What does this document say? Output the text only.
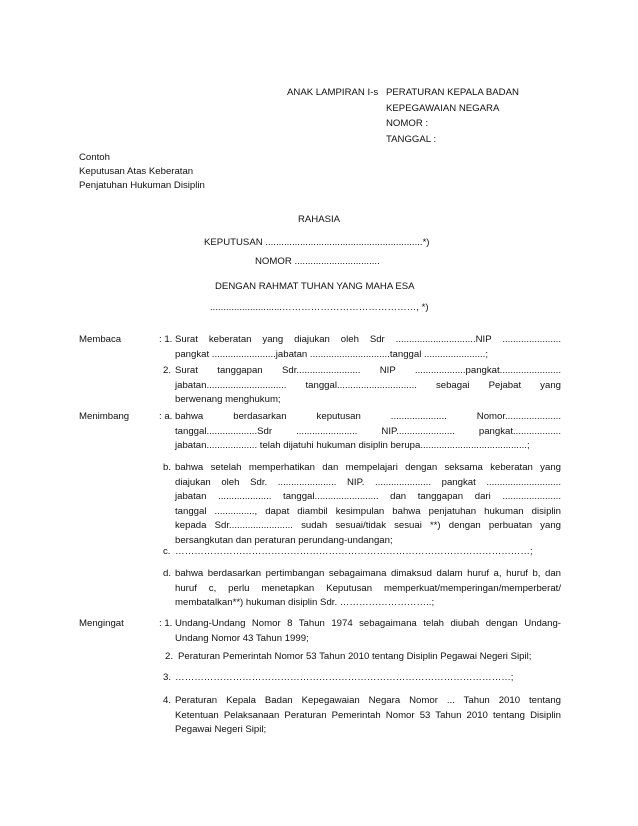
ANAK LAMPIRAN I-s PERATURAN KEPALA BADAN
KEPEGAWAIAN NEGARA
NOMOR :
TANGGAL :
Contoh
Keputusan Atas Keberatan
Penjatuhan Hukuman Disiplin
RAHASIA
KEPUTUSAN ...........................................................*)
NOMOR ................................
DENGAN RAHMAT TUHAN YANG MAHA ESA
...........................……………………………………, *)
Membaca	: 1. Surat keberatan yang diajukan oleh Sdr ..............................NIP ......................

pangkat ........................jabatan ..............................tanggal .......................;

2. Surat tanggapan Sdr........................ NIP ...................pangkat.......................

jabatan.............................. tanggal.............................. sebagai Pejabat yang

berwenang menghukum;

Menimbang	: a. bahwa berdasarkan keputusan ..................... Nomor.....................

tanggal...................Sdr ....................... NIP...................... pangkat..................

jabatan................... telah dijatuhi hukuman disiplin berupa........................................;

b. bahwa setelah memperhatikan dan mempelajari dengan seksama keberatan yang

diajukan oleh Sdr. ...................... NIP. ..................... pangkat ............................

jabatan .................... tanggal........................ dan tanggapan dari ......................

tanggal ..............., dapat diambil kesimpulan bahwa penjatuhan hukuman disiplin

kepada Sdr........................ sudah sesuai/tidak sesuai **) dengan perbuatan yang

bersangkutan dan peraturan perundang-undangan;

c. …………………………………………………………………………………………………;

d. bahwa berdasarkan pertimbangan sebagaimana dimaksud dalam huruf a, huruf b, dan

huruf c, perlu menetapkan Keputusan memperkuat/memperingan/memperberat/

membatalkan**) hukuman disiplin Sdr. ………………………..;

Mengingat	: 1. Undang-Undang Nomor 8 Tahun 1974 sebagaimana telah diubah dengan Undang-

Undang Nomor 43 Tahun 1999;

2. Peraturan Pemerintah Nomor 53 Tahun 2010 tentang Disiplin Pegawai Negeri Sipil;

3. ……………………………………………………………………………………………;

4. Peraturan Kepala Badan Kepegawaian Negara Nomor ... Tahun 2010 tentang

Ketentuan Pelaksanaan Peraturan Pemerintah Nomor 53 Tahun 2010 tentang Disiplin

Pegawai Negeri Sipil;
